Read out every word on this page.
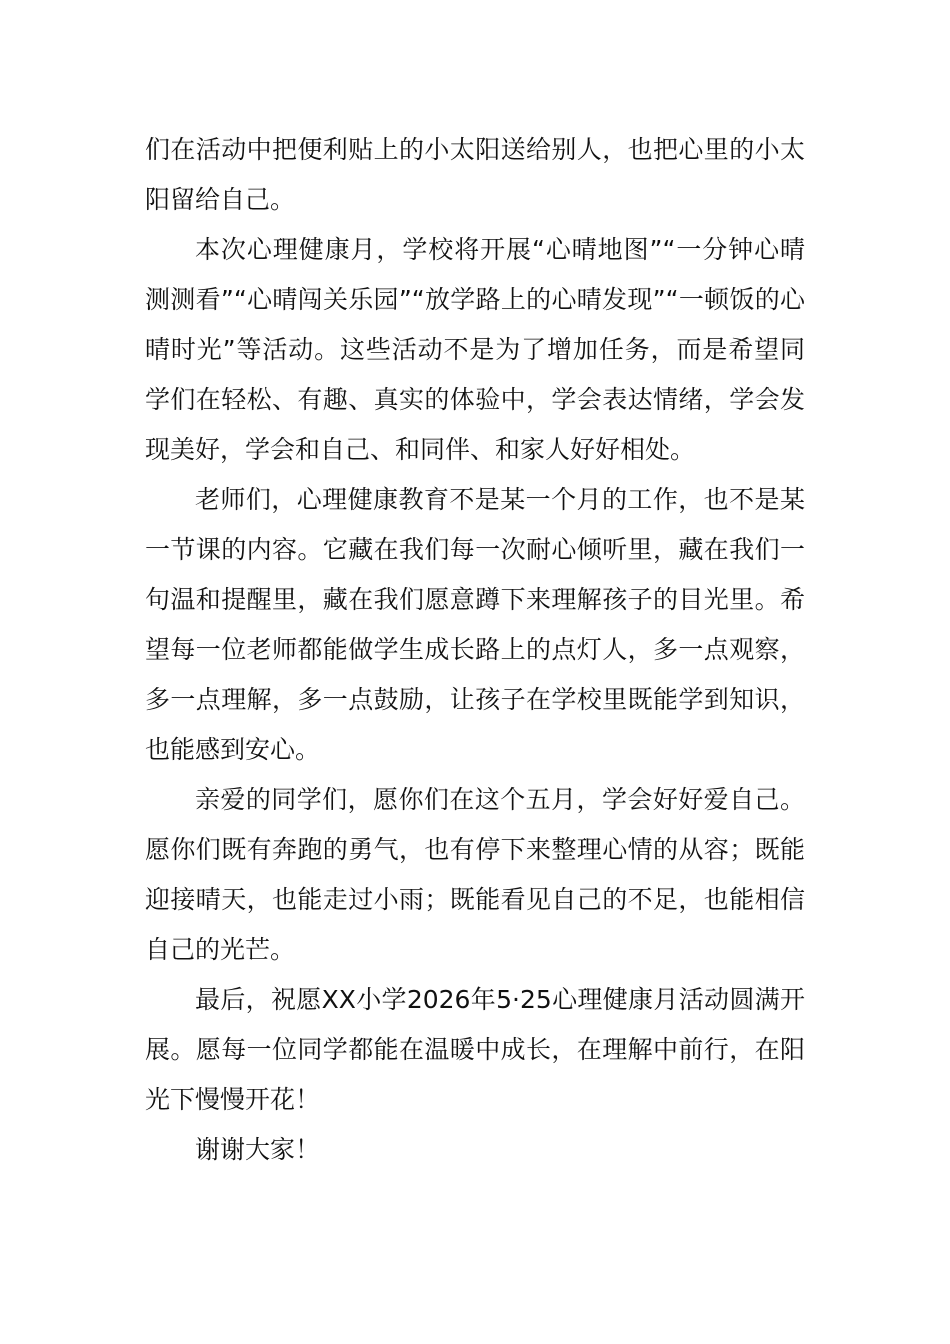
们在活动中把便利贴上的小太阳送给别人，也把心里的小太阳留给自己。

本次心理健康月，学校将开展“心晴地图”“一分钟心晴测测看”“心晴闯关乐园”“放学路上的心晴发现”“一顿饭的心晴时光”等活动。这些活动不是为了增加任务，而是希望同学们在轻松、有趣、真实的体验中，学会表达情绪，学会发现美好，学会和自己、和同伴、和家人好好相处。

老师们，心理健康教育不是某一个月的工作，也不是某一节课的内容。它藏在我们每一次耐心倾听里，藏在我们一句温和提醒里，藏在我们愿意蹲下来理解孩子的目光里。希望每一位老师都能做学生成长路上的点灯人，多一点观察，多一点理解，多一点鼓励，让孩子在学校里既能学到知识，也能感到安心。

亲爱的同学们，愿你们在这个五月，学会好好爱自己。愿你们既有奔跑的勇气，也有停下来整理心情的从容；既能迎接晴天，也能走过小雨；既能看见自己的不足，也能相信自己的光芒。

最后，祝愿XX小学2026年5·25心理健康月活动圆满开展。愿每一位同学都能在温暖中成长，在理解中前行，在阳光下慢慢开花！

谢谢大家！
